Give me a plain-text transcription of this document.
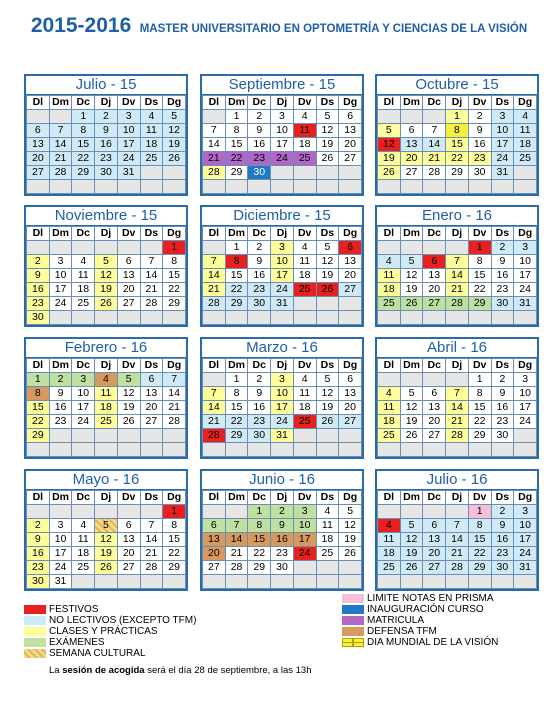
2015-2016 MASTER UNIVERSITARIO EN OPTOMETRÍA Y CIENCIAS DE LA VISIÓN
Julio - 15
Dl	Dm	Dc	Dj	Dv	Ds	Dg
		1	2	3	4	5
6	7	8	9	10	11	12
13	14	15	16	17	18	19
20	21	22	23	24	25	26
27	28	29	30	31		

Septiembre - 15
Dl	Dm	Dc	Dj	Dv	Ds	Dg
	1	2	3	4	5	6
7	8	9	10	11	12	13
14	15	16	17	18	19	20
21	22	23	24	25	26	27
28	29	30				

Octubre - 15
Dl	Dm	Dc	Dj	Dv	Ds	Dg
			1	2	3	4
5	6	7	8	9	10	11
12	13	14	15	16	17	18
19	20	21	22	23	24	25
26	27	28	29	30	31	

Noviembre - 15
Dl	Dm	Dc	Dj	Dv	Ds	Dg
						1
2	3	4	5	6	7	8
9	10	11	12	13	14	15
16	17	18	19	20	21	22
23	24	25	26	27	28	29
30						
Diciembre - 15
Dl	Dm	Dc	Dj	Dv	Ds	Dg
	1	2	3	4	5	6
7	8	9	10	11	12	13
14	15	16	17	18	19	20
21	22	23	24	25	26	27
28	29	30	31			

Enero - 16
Dl	Dm	Dc	Dj	Dv	Ds	Dg
				1	2	3
4	5	6	7	8	9	10
11	12	13	14	15	16	17
18	19	20	21	22	23	24
25	26	27	28	29	30	31

Febrero - 16
Dl	Dm	Dc	Dj	Dv	Ds	Dg
1	2	3	4	5	6	7
8	9	10	11	12	13	14
15	16	17	18	19	20	21
22	23	24	25	26	27	28
29						

Marzo - 16
Dl	Dm	Dc	Dj	Dv	Ds	Dg
	1	2	3	4	5	6
7	8	9	10	11	12	13
14	15	16	17	18	19	20
21	22	23	24	25	26	27
28	29	30	31			

Abril - 16
Dl	Dm	Dc	Dj	Dv	Ds	Dg
				1	2	3
4	5	6	7	8	9	10
11	12	13	14	15	16	17
18	19	20	21	22	23	24
25	26	27	28	29	30	

Mayo - 16
Dl	Dm	Dc	Dj	Dv	Ds	Dg
						1
2	3	4	5	6	7	8
9	10	11	12	13	14	15
16	17	18	19	20	21	22
23	24	25	26	27	28	29
30	31					
Junio - 16
Dl	Dm	Dc	Dj	Dv	Ds	Dg
		1	2	3	4	5
6	7	8	9	10	11	12
13	14	15	16	17	18	19
20	21	22	23	24	25	26
27	28	29	30			

Julio - 16
Dl	Dm	Dc	Dj	Dv	Ds	Dg
				1	2	3
4	5	6	7	8	9	10
11	12	13	14	15	16	17
18	19	20	21	22	23	24
25	26	27	28	29	30	31

FESTIVOS
NO LECTIVOS (EXCEPTO TFM)
CLASES Y PRÁCTICAS
EXÁMENES
SEMANA CULTURAL
LIMITE NOTAS EN PRISMA
INAUGURACIÓN CURSO
MATRICULA
DEFENSA TFM
DIA MUNDIAL DE LA VISIÓN
La sesión de acogida será el día 28 de septiembre, a las 13h
